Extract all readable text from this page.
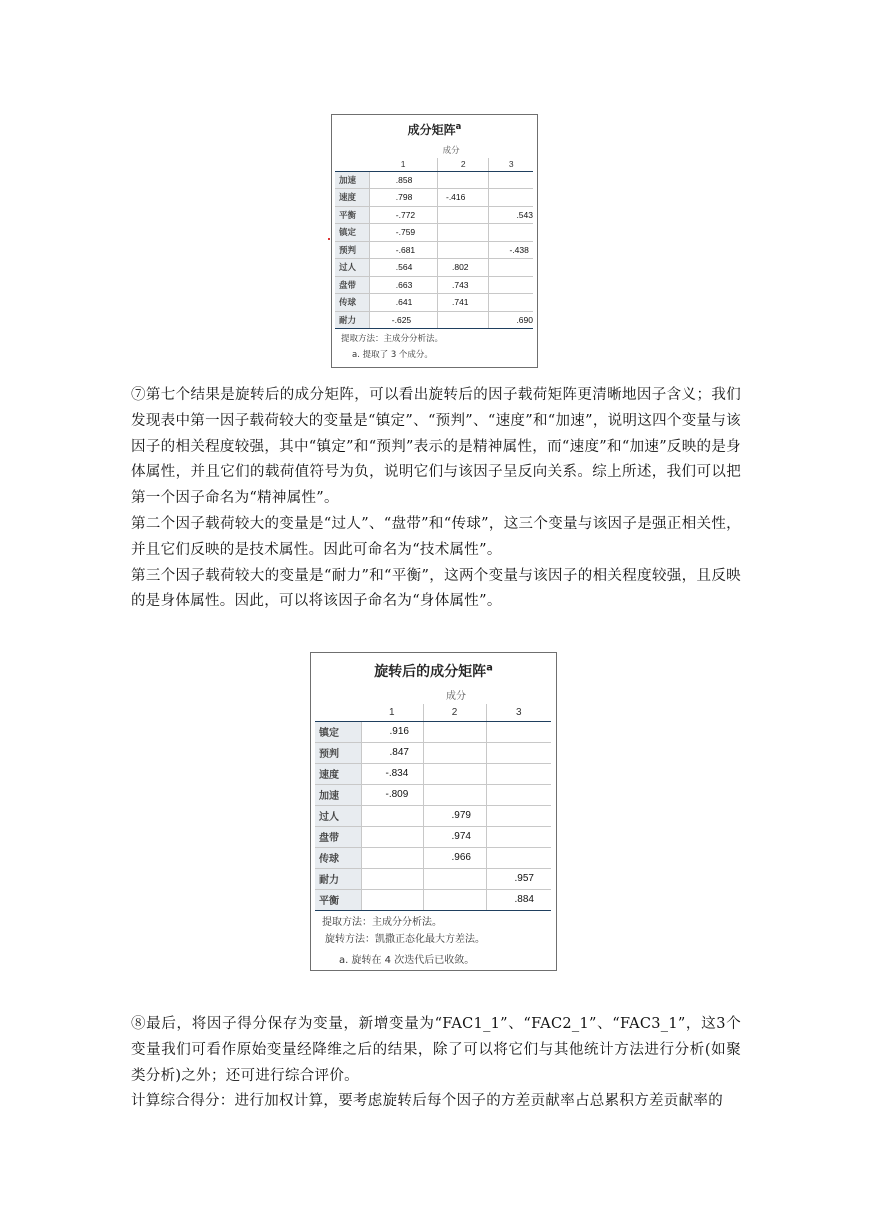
成分矩阵$^a$
	成分		
	1	2	3
加速	.858		
速度	.798	-.416	
平衡	-.772		.543
镇定	-.759		
预判	-.681		-.438
过人	.564	.802	
盘带	.663	.743	
传球	.641	.741	
耐力	-.625		.690
提取方法：主成分分析法。
a. 提取了 3 个成分。

⑦第七个结果是旋转后的成分矩阵，可以看出旋转后的因子载荷矩阵更清晰地因子含义；我们发现表中第一因子载荷较大的变量是“镇定”、“预判”、“速度”和“加速”，说明这四个变量与该因子的相关程度较强，其中“镇定”和“预判”表示的是精神属性，而“速度”和“加速”反映的是身体属性，并且它们的载荷值符号为负，说明它们与该因子呈反向关系。综上所述，我们可以把第一个因子命名为“精神属性”。

第二个因子载荷较大的变量是“过人”、“盘带”和“传球”，这三个变量与该因子是强正相关性，并且它们反映的是技术属性。因此可命名为“技术属性”。

第三个因子载荷较大的变量是“耐力”和“平衡”，这两个变量与该因子的相关程度较强，且反映的是身体属性。因此，可以将该因子命名为“身体属性”。

旋转后的成分矩阵$^a$
	成分		
	1	2	3
镇定	.916		
预判	.847		
速度	-.834		
加速	-.809		
过人		.979	
盘带		.974	
传球		.966	
耐力			.957
平衡			.884
提取方法：主成分分析法。
旋转方法：凯撒正态化最大方差法。
a. 旋转在 4 次迭代后已收敛。

⑧最后，将因子得分保存为变量，新增变量为“FAC1_1”、“FAC2_1”、“FAC3_1”，这3个变量我们可看作原始变量经降维之后的结果，除了可以将它们与其他统计方法进行分析(如聚类分析)之外；还可进行综合评价。

计算综合得分：进行加权计算，要考虑旋转后每个因子的方差贡献率占总累积方差贡献率的
